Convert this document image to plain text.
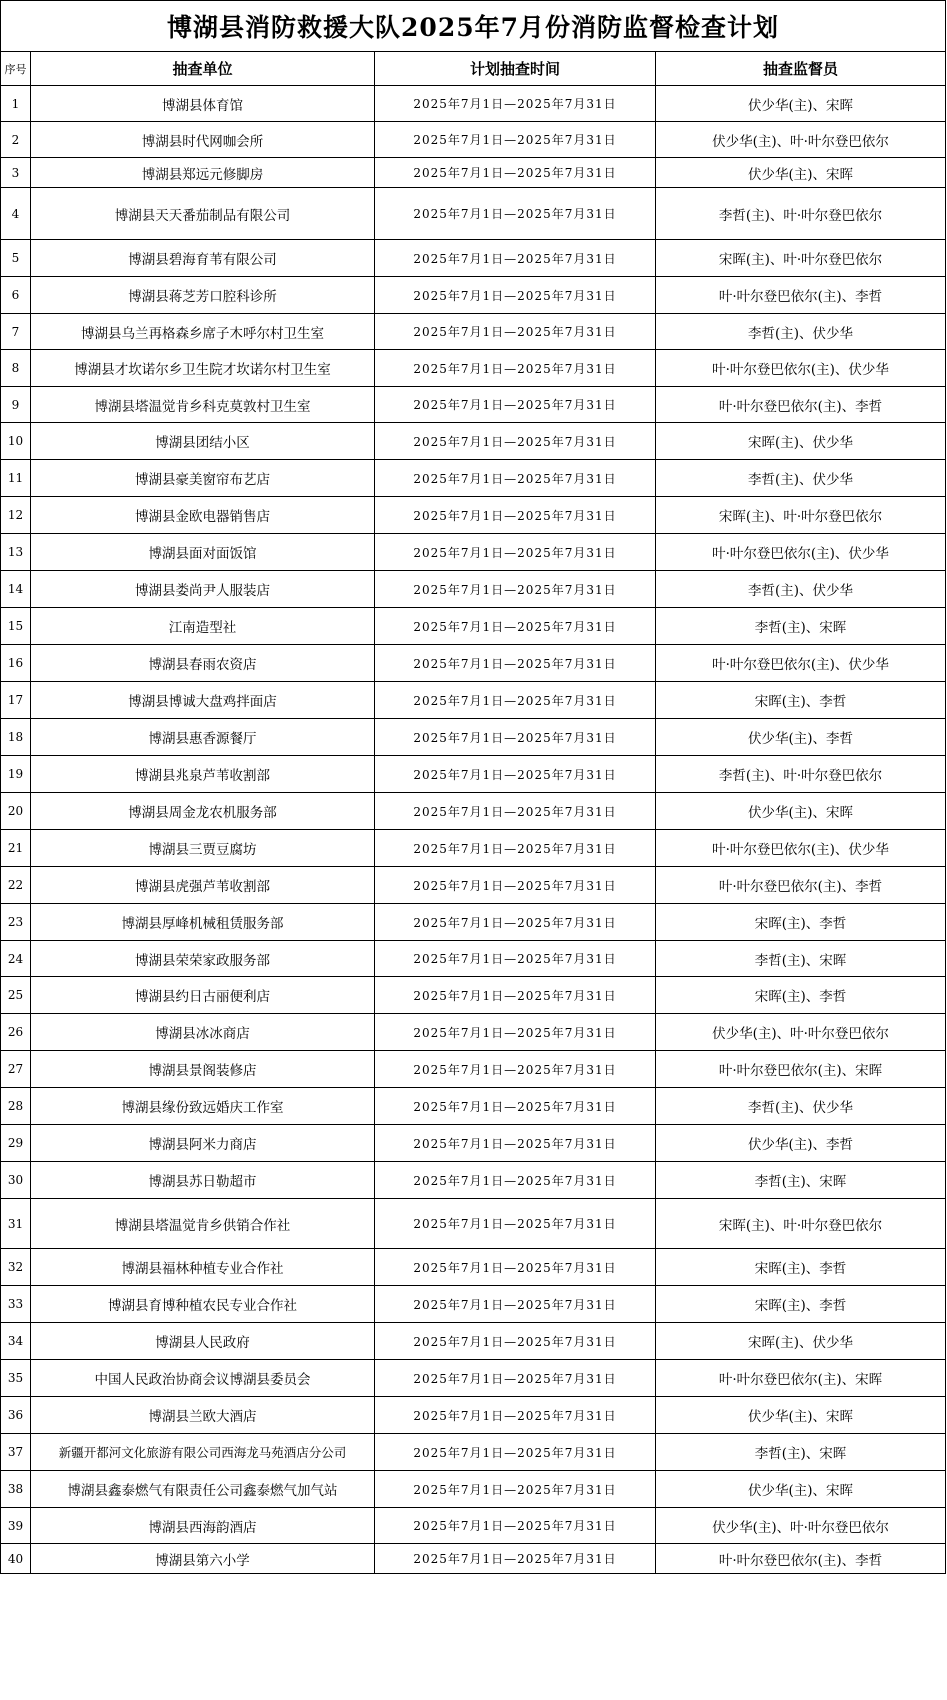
博湖县消防救援大队2025年7月份消防监督检查计划			
序号	抽查单位	计划抽查时间	抽查监督员
1	博湖县体育馆	2025年7月1日—2025年7月31日	伏少华(主)、宋晖
2	博湖县时代网咖会所	2025年7月1日—2025年7月31日	伏少华(主)、叶·叶尔登巴依尔
3	博湖县郑远元修脚房	2025年7月1日—2025年7月31日	伏少华(主)、宋晖
4	博湖县天天番茄制品有限公司	2025年7月1日—2025年7月31日	李哲(主)、叶·叶尔登巴依尔
5	博湖县碧海育苇有限公司	2025年7月1日—2025年7月31日	宋晖(主)、叶·叶尔登巴依尔
6	博湖县蒋芝芳口腔科诊所	2025年7月1日—2025年7月31日	叶·叶尔登巴依尔(主)、李哲
7	博湖县乌兰再格森乡席子木呼尔村卫生室	2025年7月1日—2025年7月31日	李哲(主)、伏少华
8	博湖县才坎诺尔乡卫生院才坎诺尔村卫生室	2025年7月1日—2025年7月31日	叶·叶尔登巴依尔(主)、伏少华
9	博湖县塔温觉肯乡科克莫敦村卫生室	2025年7月1日—2025年7月31日	叶·叶尔登巴依尔(主)、李哲
10	博湖县团结小区	2025年7月1日—2025年7月31日	宋晖(主)、伏少华
11	博湖县豪美窗帘布艺店	2025年7月1日—2025年7月31日	李哲(主)、伏少华
12	博湖县金欧电器销售店	2025年7月1日—2025年7月31日	宋晖(主)、叶·叶尔登巴依尔
13	博湖县面对面饭馆	2025年7月1日—2025年7月31日	叶·叶尔登巴依尔(主)、伏少华
14	博湖县娄尚尹人服装店	2025年7月1日—2025年7月31日	李哲(主)、伏少华
15	江南造型社	2025年7月1日—2025年7月31日	李哲(主)、宋晖
16	博湖县春雨农资店	2025年7月1日—2025年7月31日	叶·叶尔登巴依尔(主)、伏少华
17	博湖县博诚大盘鸡拌面店	2025年7月1日—2025年7月31日	宋晖(主)、李哲
18	博湖县惠香源餐厅	2025年7月1日—2025年7月31日	伏少华(主)、李哲
19	博湖县兆泉芦苇收割部	2025年7月1日—2025年7月31日	李哲(主)、叶·叶尔登巴依尔
20	博湖县周金龙农机服务部	2025年7月1日—2025年7月31日	伏少华(主)、宋晖
21	博湖县三贾豆腐坊	2025年7月1日—2025年7月31日	叶·叶尔登巴依尔(主)、伏少华
22	博湖县虎强芦苇收割部	2025年7月1日—2025年7月31日	叶·叶尔登巴依尔(主)、李哲
23	博湖县厚峰机械租赁服务部	2025年7月1日—2025年7月31日	宋晖(主)、李哲
24	博湖县荣荣家政服务部	2025年7月1日—2025年7月31日	李哲(主)、宋晖
25	博湖县约日古丽便利店	2025年7月1日—2025年7月31日	宋晖(主)、李哲
26	博湖县冰冰商店	2025年7月1日—2025年7月31日	伏少华(主)、叶·叶尔登巴依尔
27	博湖县景阁装修店	2025年7月1日—2025年7月31日	叶·叶尔登巴依尔(主)、宋晖
28	博湖县缘份致远婚庆工作室	2025年7月1日—2025年7月31日	李哲(主)、伏少华
29	博湖县阿米力商店	2025年7月1日—2025年7月31日	伏少华(主)、李哲
30	博湖县苏日勒超市	2025年7月1日—2025年7月31日	李哲(主)、宋晖
31	博湖县塔温觉肯乡供销合作社	2025年7月1日—2025年7月31日	宋晖(主)、叶·叶尔登巴依尔
32	博湖县福林种植专业合作社	2025年7月1日—2025年7月31日	宋晖(主)、李哲
33	博湖县育博种植农民专业合作社	2025年7月1日—2025年7月31日	宋晖(主)、李哲
34	博湖县人民政府	2025年7月1日—2025年7月31日	宋晖(主)、伏少华
35	中国人民政治协商会议博湖县委员会	2025年7月1日—2025年7月31日	叶·叶尔登巴依尔(主)、宋晖
36	博湖县兰欧大酒店	2025年7月1日—2025年7月31日	伏少华(主)、宋晖
37	新疆开都河文化旅游有限公司西海龙马苑酒店分公司	2025年7月1日—2025年7月31日	李哲(主)、宋晖
38	博湖县鑫泰燃气有限责任公司鑫泰燃气加气站	2025年7月1日—2025年7月31日	伏少华(主)、宋晖
39	博湖县西海韵酒店	2025年7月1日—2025年7月31日	伏少华(主)、叶·叶尔登巴依尔
40	博湖县第六小学	2025年7月1日—2025年7月31日	叶·叶尔登巴依尔(主)、李哲
